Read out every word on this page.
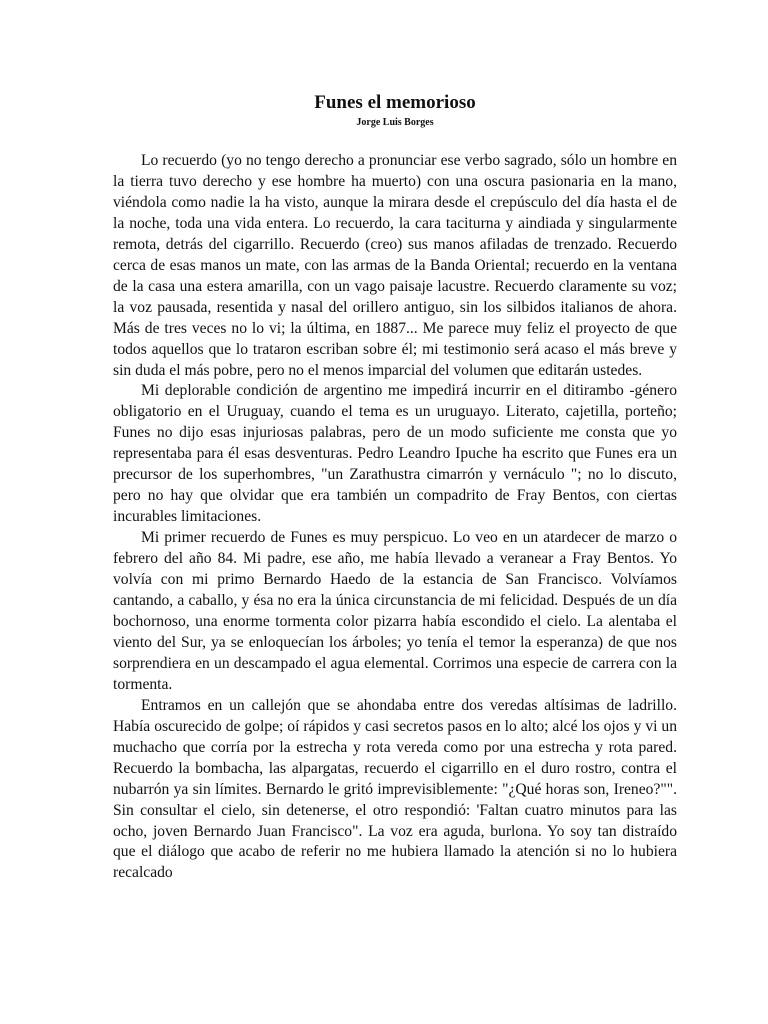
Funes el memorioso

Jorge Luis Borges

Lo recuerdo (yo no tengo derecho a pronunciar ese verbo sagrado, sólo un hombre en la tierra tuvo derecho y ese hombre ha muerto) con una oscura pasionaria en la mano, viéndola como nadie la ha visto, aunque la mirara desde el crepúsculo del día hasta el de la noche, toda una vida entera. Lo recuerdo, la cara taciturna y aindiada y singularmente remota, detrás del cigarrillo. Recuerdo (creo) sus manos afiladas de trenzado. Recuerdo cerca de esas manos un mate, con las armas de la Banda Oriental; recuerdo en la ventana de la casa una estera amarilla, con un vago paisaje lacustre. Recuerdo claramente su voz; la voz pausada, resentida y nasal del orillero antiguo, sin los silbidos italianos de ahora. Más de tres veces no lo vi; la última, en 1887... Me parece muy feliz el proyecto de que todos aquellos que lo trataron escriban sobre él; mi testimonio será acaso el más breve y sin duda el más pobre, pero no el menos imparcial del volumen que editarán ustedes.

Mi deplorable condición de argentino me impedirá incurrir en el ditirambo -género obligatorio en el Uruguay, cuando el tema es un uruguayo. Literato, cajetilla, porteño; Funes no dijo esas injuriosas palabras, pero de un modo suficiente me consta que yo representaba para él esas desventuras. Pedro Leandro Ipuche ha escrito que Funes era un precursor de los superhombres, "un Zarathustra cimarrón y vernáculo "; no lo discuto, pero no hay que olvidar que era también un compadrito de Fray Bentos, con ciertas incurables limitaciones.

Mi primer recuerdo de Funes es muy perspicuo. Lo veo en un atardecer de marzo o febrero del año 84. Mi padre, ese año, me había llevado a veranear a Fray Bentos. Yo volvía con mi primo Bernardo Haedo de la estancia de San Francisco. Volvíamos cantando, a caballo, y ésa no era la única circunstancia de mi felicidad. Después de un día bochornoso, una enorme tormenta color pizarra había escondido el cielo. La alentaba el viento del Sur, ya se enloquecían los árboles; yo tenía el temor la esperanza) de que nos sorprendiera en un descampado el agua elemental. Corrimos una especie de carrera con la tormenta.

Entramos en un callejón que se ahondaba entre dos veredas altísimas de ladrillo. Había oscurecido de golpe; oí rápidos y casi secretos pasos en lo alto; alcé los ojos y vi un muchacho que corría por la estrecha y rota vereda como por una estrecha y rota pared. Recuerdo la bombacha, las alpargatas, recuerdo el cigarrillo en el duro rostro, contra el nubarrón ya sin límites. Bernardo le gritó imprevisiblemente: "¿Qué horas son, Ireneo?"". Sin consultar el cielo, sin detenerse, el otro respondió: 'Faltan cuatro minutos para las ocho, joven Bernardo Juan Francisco". La voz era aguda, burlona. Yo soy tan distraído que el diálogo que acabo de referir no me hubiera llamado la atención si no lo hubiera recalcado
